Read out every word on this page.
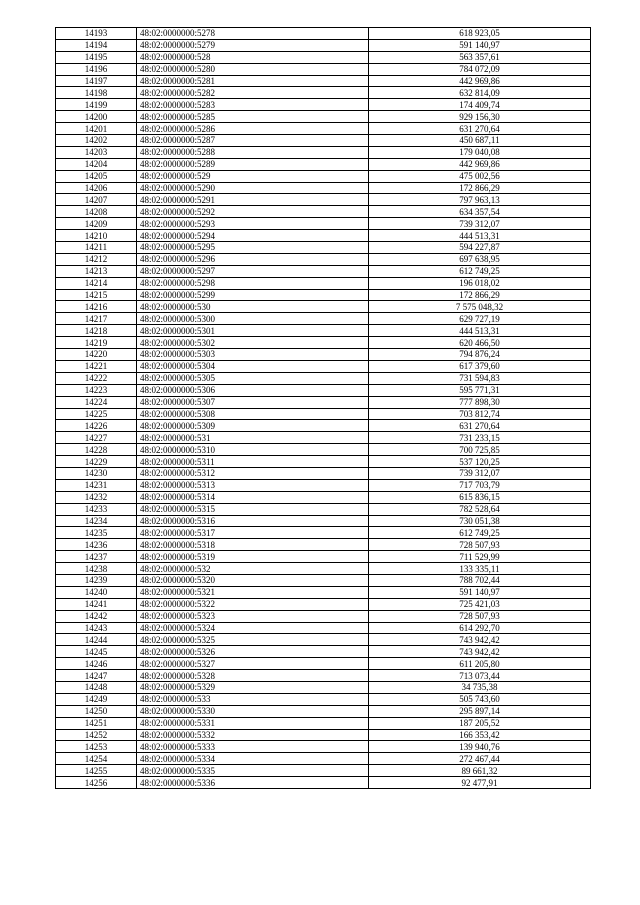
14193	48:02:0000000:5278	618 923,05
14194	48:02:0000000:5279	591 140,97
14195	48:02:0000000:528	563 357,61
14196	48:02:0000000:5280	784 072,09
14197	48:02:0000000:5281	442 969,86
14198	48:02:0000000:5282	632 814,09
14199	48:02:0000000:5283	174 409,74
14200	48:02:0000000:5285	929 156,30
14201	48:02:0000000:5286	631 270,64
14202	48:02:0000000:5287	450 687,11
14203	48:02:0000000:5288	179 040,08
14204	48:02:0000000:5289	442 969,86
14205	48:02:0000000:529	475 002,56
14206	48:02:0000000:5290	172 866,29
14207	48:02:0000000:5291	797 963,13
14208	48:02:0000000:5292	634 357,54
14209	48:02:0000000:5293	739 312,07
14210	48:02:0000000:5294	444 513,31
14211	48:02:0000000:5295	594 227,87
14212	48:02:0000000:5296	697 638,95
14213	48:02:0000000:5297	612 749,25
14214	48:02:0000000:5298	196 018,02
14215	48:02:0000000:5299	172 866,29
14216	48:02:0000000:530	7 575 048,32
14217	48:02:0000000:5300	629 727,19
14218	48:02:0000000:5301	444 513,31
14219	48:02:0000000:5302	620 466,50
14220	48:02:0000000:5303	794 876,24
14221	48:02:0000000:5304	617 379,60
14222	48:02:0000000:5305	731 594,83
14223	48:02:0000000:5306	595 771,31
14224	48:02:0000000:5307	777 898,30
14225	48:02:0000000:5308	703 812,74
14226	48:02:0000000:5309	631 270,64
14227	48:02:0000000:531	731 233,15
14228	48:02:0000000:5310	700 725,85
14229	48:02:0000000:5311	537 120,25
14230	48:02:0000000:5312	739 312,07
14231	48:02:0000000:5313	717 703,79
14232	48:02:0000000:5314	615 836,15
14233	48:02:0000000:5315	782 528,64
14234	48:02:0000000:5316	730 051,38
14235	48:02:0000000:5317	612 749,25
14236	48:02:0000000:5318	728 507,93
14237	48:02:0000000:5319	711 529,99
14238	48:02:0000000:532	133 335,11
14239	48:02:0000000:5320	788 702,44
14240	48:02:0000000:5321	591 140,97
14241	48:02:0000000:5322	725 421,03
14242	48:02:0000000:5323	728 507,93
14243	48:02:0000000:5324	614 292,70
14244	48:02:0000000:5325	743 942,42
14245	48:02:0000000:5326	743 942,42
14246	48:02:0000000:5327	611 205,80
14247	48:02:0000000:5328	713 073,44
14248	48:02:0000000:5329	34 735,38
14249	48:02:0000000:533	505 743,60
14250	48:02:0000000:5330	295 897,14
14251	48:02:0000000:5331	187 205,52
14252	48:02:0000000:5332	166 353,42
14253	48:02:0000000:5333	139 940,76
14254	48:02:0000000:5334	272 467,44
14255	48:02:0000000:5335	89 661,32
14256	48:02:0000000:5336	92 477,91
